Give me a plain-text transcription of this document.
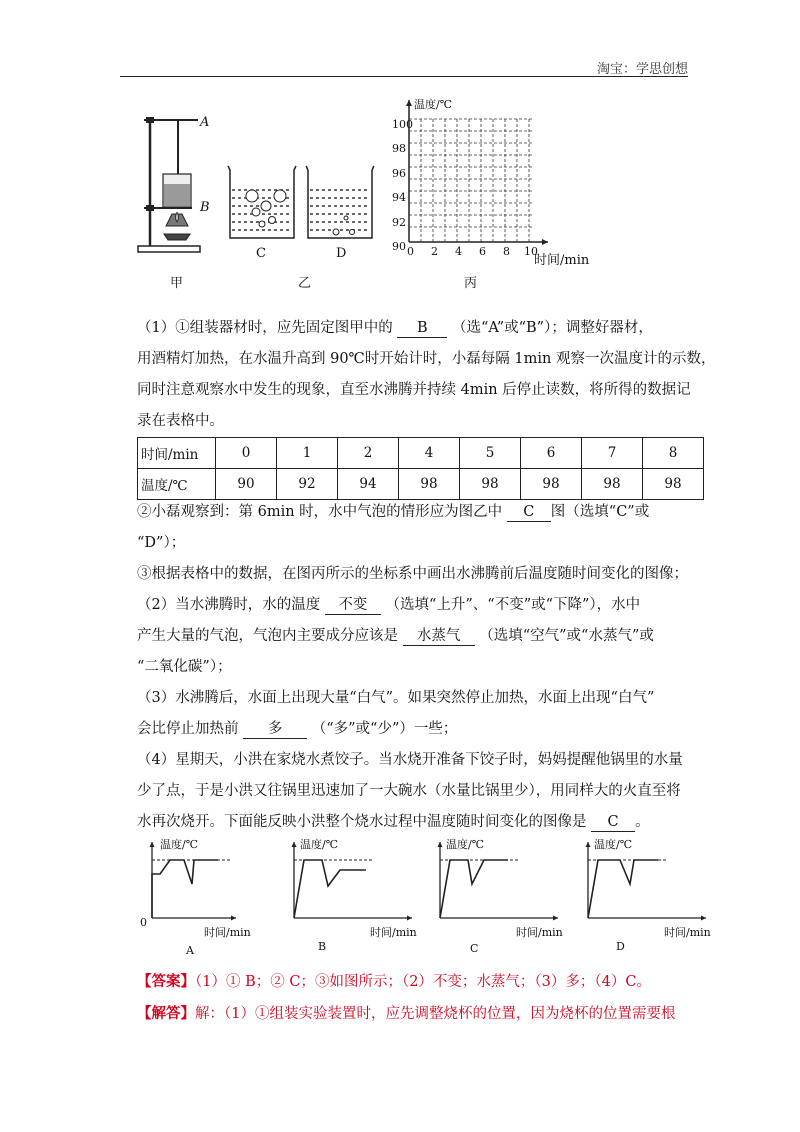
淘宝：学思创想
A
B
甲
C	D
乙
温度/℃
100
98
96
94
92
90 0 2 4 6 8 10
时间/min
丙
（1）①组装器材时，应先固定图甲中的 B （选“A”或“B”）；调整好器材，
用酒精灯加热，在水温升高到 90℃时开始计时，小磊每隔 1min 观察一次温度计的示数，
同时注意观察水中发生的现象，直至水沸腾并持续 4min 后停止读数，将所得的数据记
录在表格中。
时间/min	0	1	2	4	5	6	7	8
温度/℃	90	92	94	98	98	98	98	98
②小磊观察到：第 6min 时，水中气泡的情形应为图乙中 C 图（选填“C”或
“D”）；
③根据表格中的数据，在图丙所示的坐标系中画出水沸腾前后温度随时间变化的图像；
（2）当水沸腾时，水的温度 不变 （选填“上升”、“不变”或“下降”），水中
产生大量的气泡，气泡内主要成分应该是 水蒸气 （选填“空气”或“水蒸气”或
“二氧化碳”）；
（3）水沸腾后，水面上出现大量“白气”。如果突然停止加热，水面上出现“白气”
会比停止加热前 多 （“多”或“少”）一些；
（4）星期天，小洪在家烧水煮饺子。当水烧开准备下饺子时，妈妈提醒他锅里的水量
少了点，于是小洪又往锅里迅速加了一大碗水（水量比锅里少），用同样大的火直至将
水再次烧开。下面能反映小洪整个烧水过程中温度随时间变化的图像是 C 。
温度/℃
0
时间/min
A
温度/℃
时间/min
B
温度/℃
时间/min
C
温度/℃
时间/min
D
【答案】（1）① B；② C；③如图所示；（2）不变；水蒸气；（3）多；（4）C。
【解答】解：（1）①组装实验装置时，应先调整烧杯的位置，因为烧杯的位置需要根
